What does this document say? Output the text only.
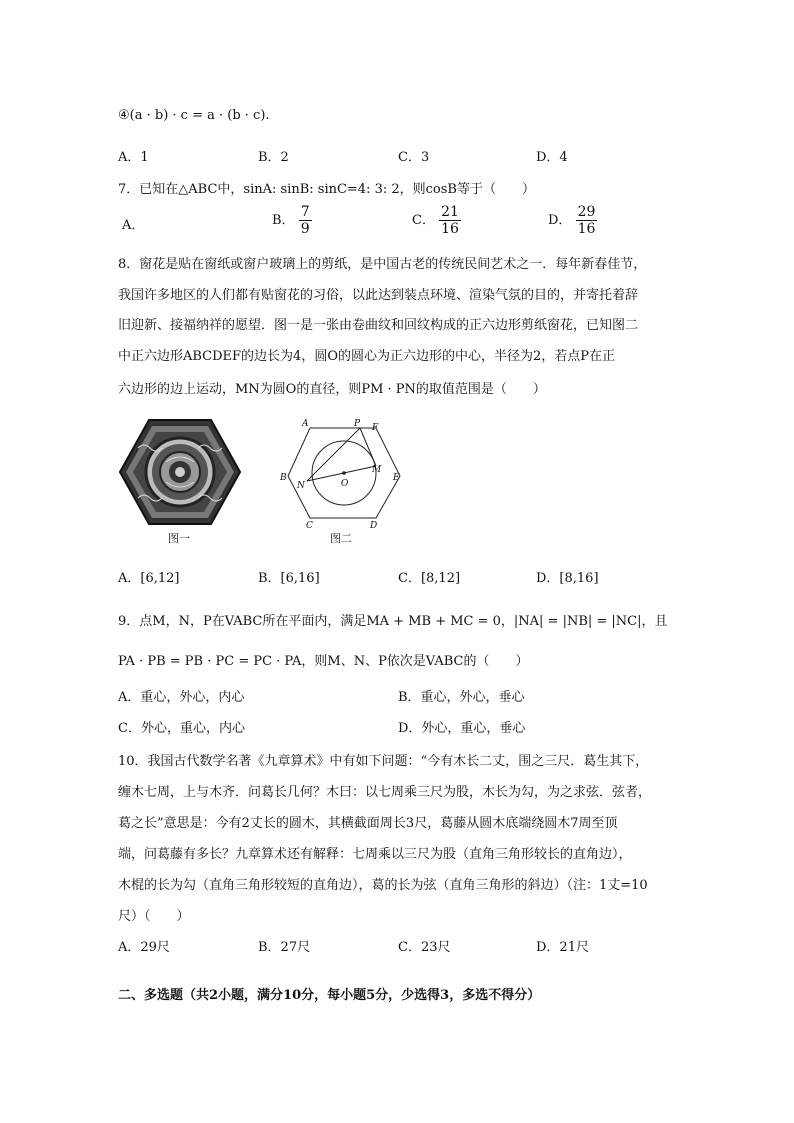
④(a · b) · c = a · (b · c).
A．1	B．2	C．3	D．4
7．已知在△ABC中，sinA: sinB: sinC=4: 3: 2，则cosB等于（　　）
A．	B． $\frac{7}{9}$	C． $\frac{21}{16}$	D． $\frac{29}{16}$
8．窗花是贴在窗纸或窗户玻璃上的剪纸，是中国古老的传统民间艺术之一．每年新春佳节，
我国许多地区的人们都有贴窗花的习俗，以此达到装点环境、渲染气氛的目的，并寄托着辞
旧迎新、接福纳祥的愿望．图一是一张由卷曲纹和回纹构成的正六边形剪纸窗花，已知图二
中正六边形ABCDEF的边长为4，圆O的圆心为正六边形的中心，半径为2，若点P在正
六边形的边上运动，MN为圆O的直径，则PM · PN的取值范围是（　　）
图一
A	P F
B
N	O
M
E
C	D
图二
A．[6,12]	B．[6,16]	C．[8,12]	D．[8,16]
9．点M，N，P在VABC所在平面内，满足MA + MB + MC = 0，|NA| = |NB| = |NC|，且
PA · PB = PB · PC = PC · PA，则M、N、P依次是VABC的（　　）
A．重心，外心，内心	B．重心，外心，垂心
C．外心，重心，内心	D．外心，重心，垂心
10．我国古代数学名著《九章算术》中有如下问题：“今有木长二丈，围之三尺．葛生其下，
缠木七周，上与木齐．问葛长几何？木曰：以七周乘三尺为股，木长为勾，为之求弦．弦者，
葛之长”意思是：今有2丈长的圆木，其横截面周长3尺，葛藤从圆木底端绕圆木7周至顶
端，问葛藤有多长？九章算术还有解释：七周乘以三尺为股（直角三角形较长的直角边），
木棍的长为勾（直角三角形较短的直角边），葛的长为弦（直角三角形的斜边）（注：1丈=10
尺）（　　）
A．29尺	B．27尺	C．23尺	D．21尺
二、多选题（共2小题，满分10分，每小题5分，少选得3，多选不得分）
